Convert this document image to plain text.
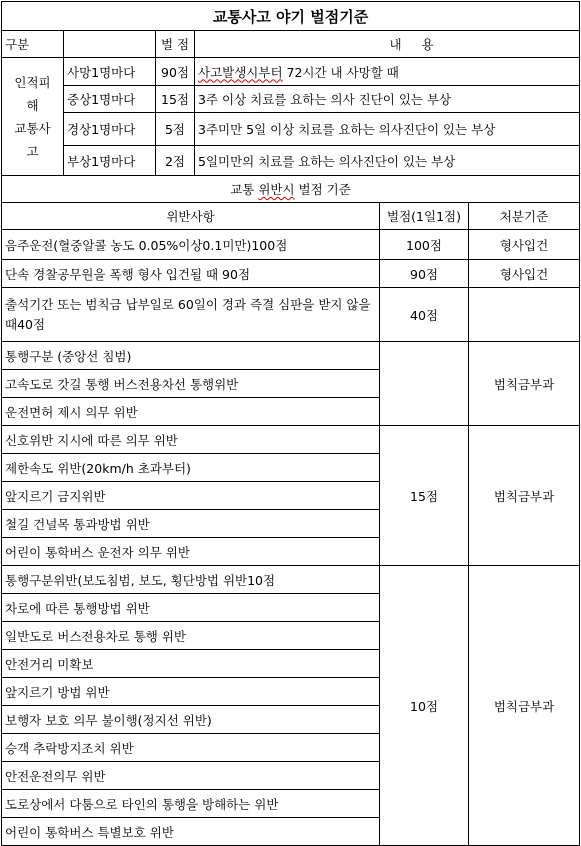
교통사고 야기 벌점기준			
구분		벌 점	내 용

인적피
해
교통사
고	사망1명마다	90점	사고발생시부터 72시간 내 사망할 때
	중상1명마다	15점	3주 이상 치료를 요하는 의사 진단이 있는 부상
	경상1명마다	5점	3주미만 5일 이상 치료를 요하는 의사진단이 있는 부상
	부상1명마다	2점	5일미만의 치료를 요하는 의사진단이 있는 부상
교통 위반시 벌점 기준		
위반사항	벌점(1일1점)	처분기준
음주운전(혈중알콜 농도 0.05%이상0.1미만)100점	100점	형사입건
단속 경찰공무원을 폭행 형사 입건될 때 90점	90점	형사입건
출석기간 또는 범칙금 납부일로 60일이 경과 즉결 심판을 받지 않을 때40점	40점	
통행구분 (중앙선 침범)		범칙금부과
고속도로 갓길 통행 버스전용차선 통행위반		
운전면허 제시 의무 위반		
신호위반 지시에 따른 의무 위반	15점	범칙금부과
제한속도 위반(20km/h 초과부터)		
앞지르기 금지위반		
철길 건널목 통과방법 위반		
어린이 통학버스 운전자 의무 위반		
통행구분위반(보도침범, 보도, 횡단방법 위반10점	10점	범칙금부과
차로에 따른 통행방법 위반		
일반도로 버스전용차로 통행 위반		
안전거리 미확보		
앞지르기 방법 위반		
보행자 보호 의무 불이행(정지선 위반)		
승객 추락방지조치 위반		
안전운전의무 위반		
도로상에서 다툼으로 타인의 통행을 방해하는 위반		
어린이 통학버스 특별보호 위반		
